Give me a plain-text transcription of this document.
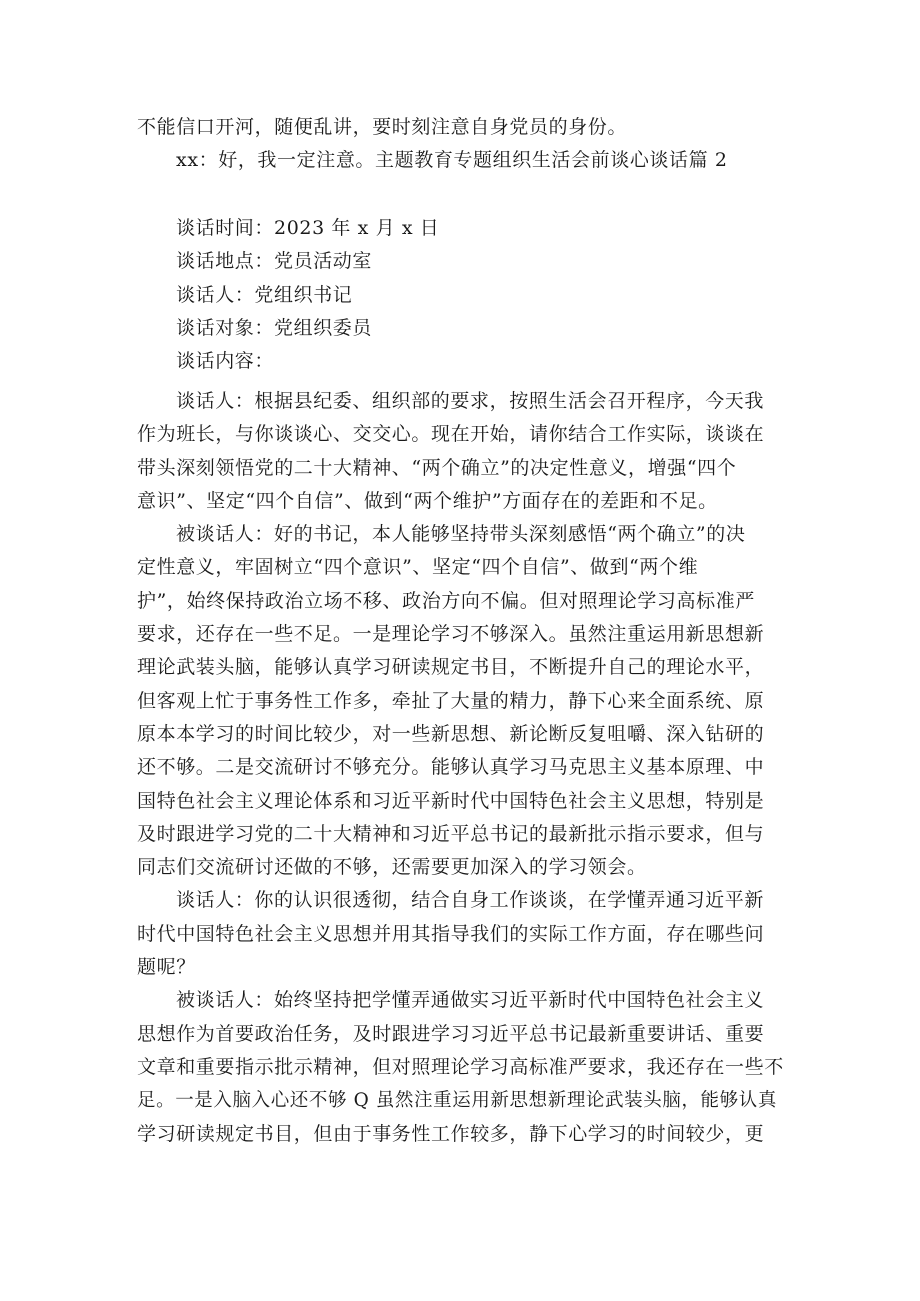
不能信口开河，随便乱讲，要时刻注意自身党员的身份。
xx：好，我一定注意。主题教育专题组织生活会前谈心谈话篇 2
谈话时间：2023 年 x 月 x 日
谈话地点：党员活动室
谈话人：党组织书记
谈话对象：党组织委员
谈话内容：
谈话人：根据县纪委、组织部的要求，按照生活会召开程序，今天我
作为班长，与你谈谈心、交交心。现在开始，请你结合工作实际，谈谈在
带头深刻领悟党的二十大精神、“两个确立”的决定性意义，增强“四个
意识”、坚定“四个自信”、做到“两个维护”方面存在的差距和不足。
被谈话人：好的书记，本人能够坚持带头深刻感悟“两个确立”的决
定性意义，牢固树立“四个意识”、坚定“四个自信”、做到“两个维
护”，始终保持政治立场不移、政治方向不偏。但对照理论学习高标准严
要求，还存在一些不足。一是理论学习不够深入。虽然注重运用新思想新
理论武装头脑，能够认真学习研读规定书目，不断提升自己的理论水平，
但客观上忙于事务性工作多，牵扯了大量的精力，静下心来全面系统、原
原本本学习的时间比较少，对一些新思想、新论断反复咀嚼、深入钻研的
还不够。二是交流研讨不够充分。能够认真学习马克思主义基本原理、中
国特色社会主义理论体系和习近平新时代中国特色社会主义思想，特别是
及时跟进学习党的二十大精神和习近平总书记的最新批示指示要求，但与
同志们交流研讨还做的不够，还需要更加深入的学习领会。
谈话人：你的认识很透彻，结合自身工作谈谈，在学懂弄通习近平新
时代中国特色社会主义思想并用其指导我们的实际工作方面，存在哪些问
题呢？
被谈话人：始终坚持把学懂弄通做实习近平新时代中国特色社会主义
思想作为首要政治任务，及时跟进学习习近平总书记最新重要讲话、重要
文章和重要指示批示精神，但对照理论学习高标准严要求，我还存在一些不
足。一是入脑入心还不够 Q 虽然注重运用新思想新理论武装头脑，能够认真
学习研读规定书目，但由于事务性工作较多，静下心学习的时间较少，更
